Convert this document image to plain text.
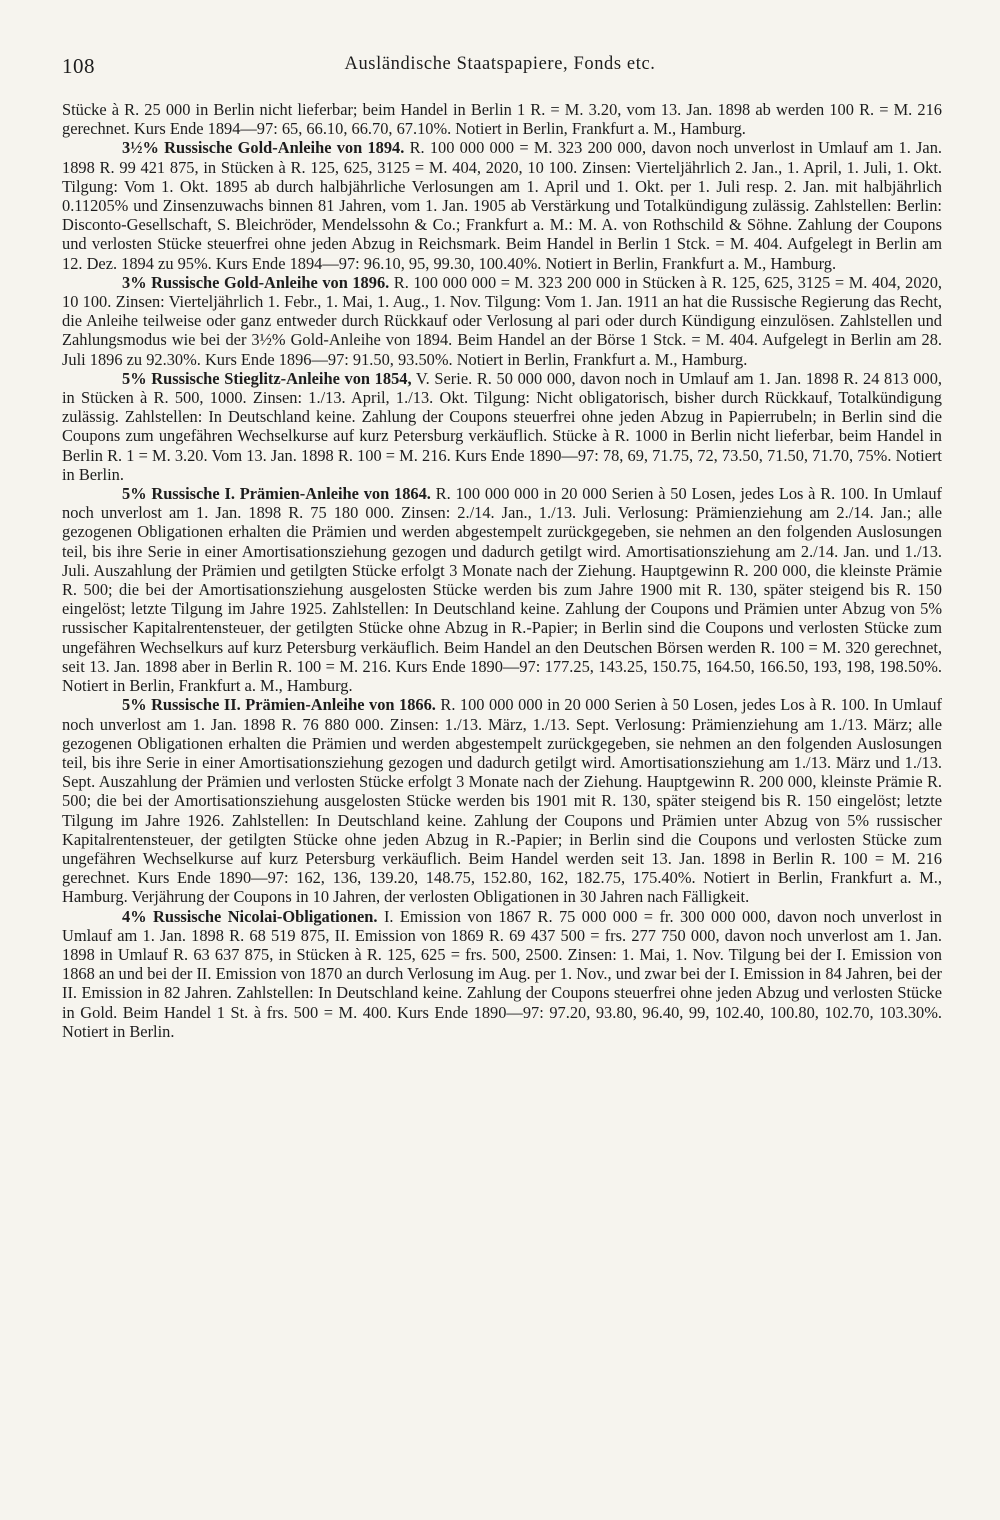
108	Ausländische Staatspapiere, Fonds etc.

Stücke à R. 25 000 in Berlin nicht lieferbar; beim Handel in Berlin 1 R. = M. 3.20, vom 13. Jan. 1898 ab werden 100 R. = M. 216 gerechnet. Kurs Ende 1894—97: 65, 66.10, 66.70, 67.10%. Notiert in Berlin, Frankfurt a. M., Hamburg.

3½% Russische Gold-Anleihe von 1894. R. 100 000 000 = M. 323 200 000, davon noch unverlost in Umlauf am 1. Jan. 1898 R. 99 421 875, in Stücken à R. 125, 625, 3125 = M. 404, 2020, 10 100. Zinsen: Vierteljährlich 2. Jan., 1. April, 1. Juli, 1. Okt. Tilgung: Vom 1. Okt. 1895 ab durch halbjährliche Verlosungen am 1. April und 1. Okt. per 1. Juli resp. 2. Jan. mit halbjährlich 0.11205% und Zinsenzuwachs binnen 81 Jahren, vom 1. Jan. 1905 ab Verstärkung und Totalkündigung zulässig. Zahlstellen: Berlin: Disconto-Gesellschaft, S. Bleichröder, Mendelssohn & Co.; Frankfurt a. M.: M. A. von Rothschild & Söhne. Zahlung der Coupons und verlosten Stücke steuerfrei ohne jeden Abzug in Reichsmark. Beim Handel in Berlin 1 Stck. = M. 404. Aufgelegt in Berlin am 12. Dez. 1894 zu 95%. Kurs Ende 1894—97: 96.10, 95, 99.30, 100.40%. Notiert in Berlin, Frankfurt a. M., Hamburg.

3% Russische Gold-Anleihe von 1896. R. 100 000 000 = M. 323 200 000 in Stücken à R. 125, 625, 3125 = M. 404, 2020, 10 100. Zinsen: Vierteljährlich 1. Febr., 1. Mai, 1. Aug., 1. Nov. Tilgung: Vom 1. Jan. 1911 an hat die Russische Regierung das Recht, die Anleihe teilweise oder ganz entweder durch Rückkauf oder Verlosung al pari oder durch Kündigung einzulösen. Zahlstellen und Zahlungsmodus wie bei der 3½% Gold-Anleihe von 1894. Beim Handel an der Börse 1 Stck. = M. 404. Aufgelegt in Berlin am 28. Juli 1896 zu 92.30%. Kurs Ende 1896—97: 91.50, 93.50%. Notiert in Berlin, Frankfurt a. M., Hamburg.

5% Russische Stieglitz-Anleihe von 1854, V. Serie. R. 50 000 000, davon noch in Umlauf am 1. Jan. 1898 R. 24 813 000, in Stücken à R. 500, 1000. Zinsen: 1./13. April, 1./13. Okt. Tilgung: Nicht obligatorisch, bisher durch Rückkauf, Totalkündigung zulässig. Zahlstellen: In Deutschland keine. Zahlung der Coupons steuerfrei ohne jeden Abzug in Papierrubeln; in Berlin sind die Coupons zum ungefähren Wechselkurse auf kurz Petersburg verkäuflich. Stücke à R. 1000 in Berlin nicht lieferbar, beim Handel in Berlin R. 1 = M. 3.20. Vom 13. Jan. 1898 R. 100 = M. 216. Kurs Ende 1890—97: 78, 69, 71.75, 72, 73.50, 71.50, 71.70, 75%. Notiert in Berlin.

5% Russische I. Prämien-Anleihe von 1864. R. 100 000 000 in 20 000 Serien à 50 Losen, jedes Los à R. 100. In Umlauf noch unverlost am 1. Jan. 1898 R. 75 180 000. Zinsen: 2./14. Jan., 1./13. Juli. Verlosung: Prämienziehung am 2./14. Jan.; alle gezogenen Obligationen erhalten die Prämien und werden abgestempelt zurückgegeben, sie nehmen an den folgenden Auslosungen teil, bis ihre Serie in einer Amortisationsziehung gezogen und dadurch getilgt wird. Amortisationsziehung am 2./14. Jan. und 1./13. Juli. Auszahlung der Prämien und getilgten Stücke erfolgt 3 Monate nach der Ziehung. Hauptgewinn R. 200 000, die kleinste Prämie R. 500; die bei der Amortisationsziehung ausgelosten Stücke werden bis zum Jahre 1900 mit R. 130, später steigend bis R. 150 eingelöst; letzte Tilgung im Jahre 1925. Zahlstellen: In Deutschland keine. Zahlung der Coupons und Prämien unter Abzug von 5% russischer Kapitalrentensteuer, der getilgten Stücke ohne Abzug in R.-Papier; in Berlin sind die Coupons und verlosten Stücke zum ungefähren Wechselkurs auf kurz Petersburg verkäuflich. Beim Handel an den Deutschen Börsen werden R. 100 = M. 320 gerechnet, seit 13. Jan. 1898 aber in Berlin R. 100 = M. 216. Kurs Ende 1890—97: 177.25, 143.25, 150.75, 164.50, 166.50, 193, 198, 198.50%. Notiert in Berlin, Frankfurt a. M., Hamburg.

5% Russische II. Prämien-Anleihe von 1866. R. 100 000 000 in 20 000 Serien à 50 Losen, jedes Los à R. 100. In Umlauf noch unverlost am 1. Jan. 1898 R. 76 880 000. Zinsen: 1./13. März, 1./13. Sept. Verlosung: Prämienziehung am 1./13. März; alle gezogenen Obligationen erhalten die Prämien und werden abgestempelt zurückgegeben, sie nehmen an den folgenden Auslosungen teil, bis ihre Serie in einer Amortisationsziehung gezogen und dadurch getilgt wird. Amortisationsziehung am 1./13. März und 1./13. Sept. Auszahlung der Prämien und verlosten Stücke erfolgt 3 Monate nach der Ziehung. Hauptgewinn R. 200 000, kleinste Prämie R. 500; die bei der Amortisationsziehung ausgelosten Stücke werden bis 1901 mit R. 130, später steigend bis R. 150 eingelöst; letzte Tilgung im Jahre 1926. Zahlstellen: In Deutschland keine. Zahlung der Coupons und Prämien unter Abzug von 5% russischer Kapitalrentensteuer, der getilgten Stücke ohne jeden Abzug in R.-Papier; in Berlin sind die Coupons und verlosten Stücke zum ungefähren Wechselkurse auf kurz Petersburg verkäuflich. Beim Handel werden seit 13. Jan. 1898 in Berlin R. 100 = M. 216 gerechnet. Kurs Ende 1890—97: 162, 136, 139.20, 148.75, 152.80, 162, 182.75, 175.40%. Notiert in Berlin, Frankfurt a. M., Hamburg. Verjährung der Coupons in 10 Jahren, der verlosten Obligationen in 30 Jahren nach Fälligkeit.

4% Russische Nicolai-Obligationen. I. Emission von 1867 R. 75 000 000 = fr. 300 000 000, davon noch unverlost in Umlauf am 1. Jan. 1898 R. 68 519 875, II. Emission von 1869 R. 69 437 500 = frs. 277 750 000, davon noch unverlost am 1. Jan. 1898 in Umlauf R. 63 637 875, in Stücken à R. 125, 625 = frs. 500, 2500. Zinsen: 1. Mai, 1. Nov. Tilgung bei der I. Emission von 1868 an und bei der II. Emission von 1870 an durch Verlosung im Aug. per 1. Nov., und zwar bei der I. Emission in 84 Jahren, bei der II. Emission in 82 Jahren. Zahlstellen: In Deutschland keine. Zahlung der Coupons steuerfrei ohne jeden Abzug und verlosten Stücke in Gold. Beim Handel 1 St. à frs. 500 = M. 400. Kurs Ende 1890—97: 97.20, 93.80, 96.40, 99, 102.40, 100.80, 102.70, 103.30%. Notiert in Berlin.
